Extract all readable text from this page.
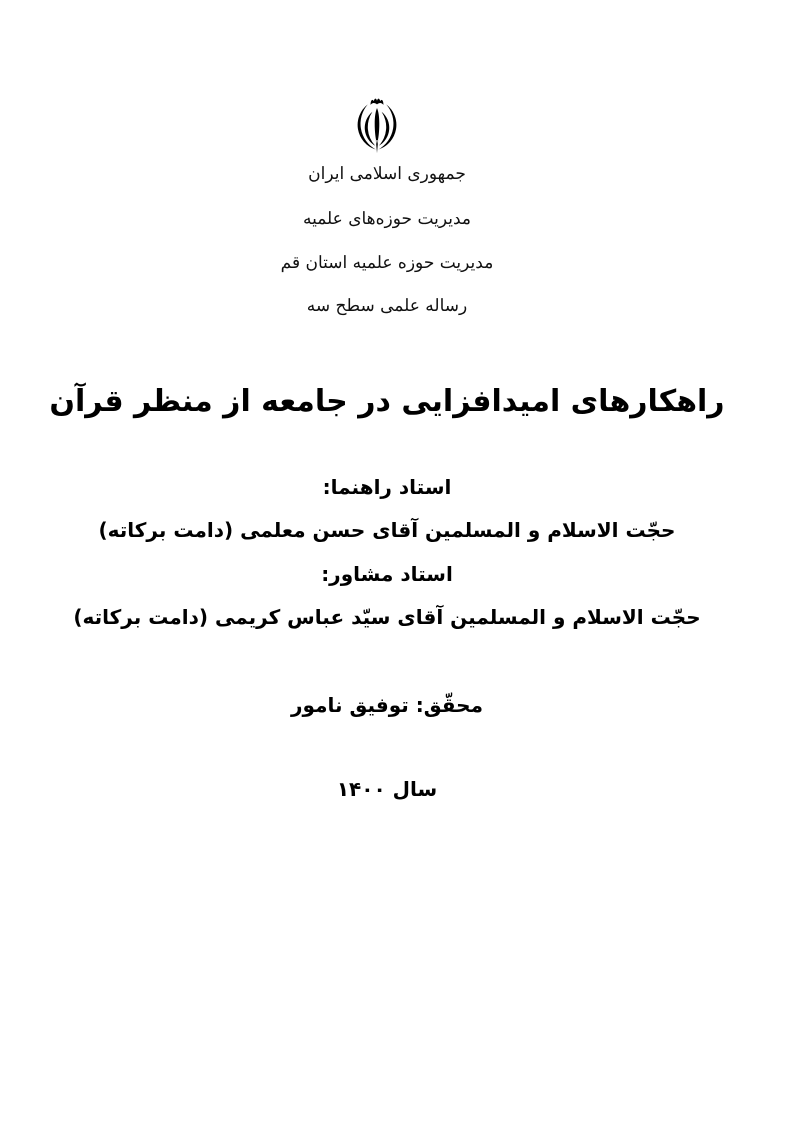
جمهوری اسلامی ایران
مدیریت حوزه‌های علمیه
مدیریت حوزه علمیه استان قم
رساله علمی سطح سه
راهکارهای امیدافزایی در جامعه از منظر قرآن
استاد راهنما:
حجّت الاسلام و المسلمین آقای حسن معلمی (دامت برکاته)
استاد مشاور:
حجّت الاسلام و المسلمین آقای سیّد عباس کریمی (دامت برکاته)
محقّق: توفیق نامور
سال ۱۴۰۰
